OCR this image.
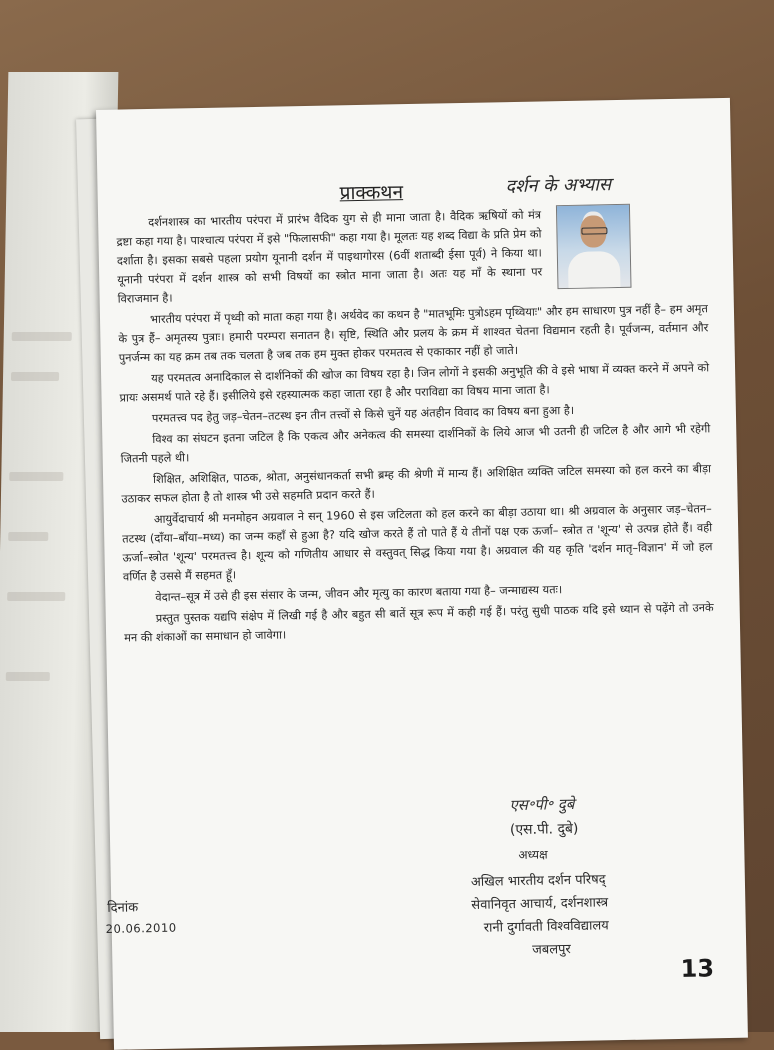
प्राक्कथन	दर्शन के अभ्यास

दर्शनशास्त्र का भारतीय परंपरा में प्रारंभ वैदिक युग से ही माना जाता है। वैदिक ऋषियों को मंत्र द्रष्टा कहा गया है। पाश्चात्य परंपरा में इसे "फिलासफी" कहा गया है। मूलतः यह शब्द विद्या के प्रति प्रेम को दर्शाता है। इसका सबसे पहला प्रयोग यूनानी दर्शन में पाइथागोरस (6वीं शताब्दी ईसा पूर्व) ने किया था। यूनानी परंपरा में दर्शन शास्त्र को सभी विषयों का स्त्रोत माना जाता है। अतः यह माँ के स्थाना पर विराजमान है।

भारतीय परंपरा में पृथ्वी को माता कहा गया है। अर्थवेद का कथन है "मातभूमिः पुत्रोऽहम पृथ्वियाः" और हम साधारण पुत्र नहीं है– हम अमृत के पुत्र हैं– अमृतस्य पुत्राः। हमारी परम्परा सनातन है। सृष्टि, स्थिति और प्रलय के क्रम में शाश्वत चेतना विद्यमान रहती है। पूर्वजन्म, वर्तमान और पुनर्जन्म का यह क्रम तब तक चलता है जब तक हम मुक्त होकर परमतत्व से एकाकार नहीं हो जाते।

यह परमतत्व अनादिकाल से दार्शनिकों की खोज का विषय रहा है। जिन लोगों ने इसकी अनुभूति की वे इसे भाषा में व्यक्त करने में अपने को प्रायः असमर्थ पाते रहे हैं। इसीलिये इसे रहस्यात्मक कहा जाता रहा है और पराविद्या का विषय माना जाता है।

परमतत्त्व पद हेतु जड़–चेतन–तटस्थ इन तीन तत्त्वों से किसे चुनें यह अंतहीन विवाद का विषय बना हुआ है।

विश्व का संघटन इतना जटिल है कि एकत्व और अनेकत्व की समस्या दार्शनिकों के लिये आज भी उतनी ही जटिल है और आगे भी रहेगी जितनी पहले थी।

शिक्षित, अशिक्षित, पाठक, श्रोता, अनुसंधानकर्ता सभी ब्रम्ह की श्रेणी में मान्य हैं। अशिक्षित व्यक्ति जटिल समस्या को हल करने का बीड़ा उठाकर सफल होता है तो शास्त्र भी उसे सहमति प्रदान करते हैं।

आयुर्वेदाचार्य श्री मनमोहन अग्रवाल ने सन् 1960 से इस जटिलता को हल करने का बीड़ा उठाया था। श्री अग्रवाल के अनुसार जड़–चेतन–तटस्थ (दाँया–बाँया–मध्य) का जन्म कहाँ से हुआ है? यदि खोज करते हैं तो पाते हैं ये तीनों पक्ष एक ऊर्जा– स्त्रोत त 'शून्य' से उत्पन्न होते हैं। वही ऊर्जा–स्त्रोत 'शून्य' परमतत्त्व है। शून्य को गणितीय आधार से वस्तुवत् सिद्ध किया गया है। अग्रवाल की यह कृति 'दर्शन मातृ–विज्ञान' में जो हल वर्णित है उससे मैं सहमत हूँ।

वेदान्त–सूत्र में उसे ही इस संसार के जन्म, जीवन और मृत्यु का कारण बताया गया है– जन्माद्यस्य यतः।

प्रस्तुत पुस्तक यद्यपि संक्षेप में लिखी गई है और बहुत सी बातें सूत्र रूप में कही गई हैं। परंतु सुधी पाठक यदि इसे ध्यान से पढ़ेंगे तो उनके मन की शंकाओं का समाधान हो जावेगा।

एस॰पी॰ दुबे
(एस.पी. दुबे)
अध्यक्ष
अखिल भारतीय दर्शन परिषद्
सेवानिवृत आचार्य, दर्शनशास्त्र
रानी दुर्गावती विश्वविद्यालय
जबलपुर
दिनांक
20.06.2010
13
